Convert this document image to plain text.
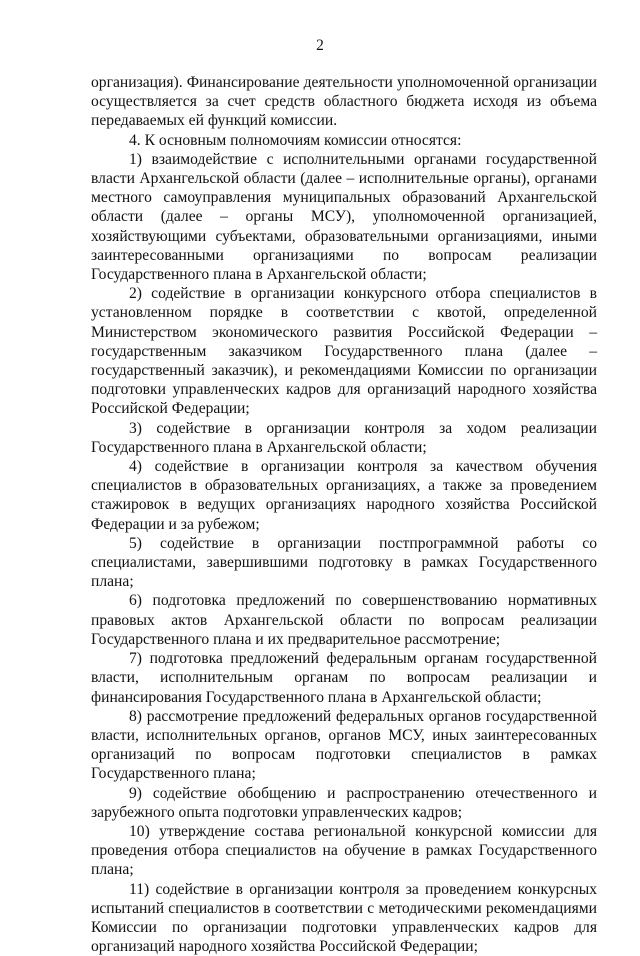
2

организация). Финансирование деятельности уполномоченной организации осуществляется за счет средств областного бюджета исходя из объема передаваемых ей функций комиссии.

4. К основным полномочиям комиссии относятся:

1) взаимодействие с исполнительными органами государственной власти Архангельской области (далее – исполнительные органы), органами местного самоуправления муниципальных образований Архангельской области (далее – органы МСУ), уполномоченной организацией, хозяйствующими субъектами, образовательными организациями, иными заинтересованными организациями по вопросам реализации Государственного плана в Архангельской области;

2) содействие в организации конкурсного отбора специалистов в установленном порядке в соответствии с квотой, определенной Министерством экономического развития Российской Федерации – государственным заказчиком Государственного плана (далее – государственный заказчик), и рекомендациями Комиссии по организации подготовки управленческих кадров для организаций народного хозяйства Российской Федерации;

3) содействие в организации контроля за ходом реализации Государственного плана в Архангельской области;

4) содействие в организации контроля за качеством обучения специалистов в образовательных организациях, а также за проведением стажировок в ведущих организациях народного хозяйства Российской Федерации и за рубежом;

5) содействие в организации постпрограммной работы со специалистами, завершившими подготовку в рамках Государственного плана;

6) подготовка предложений по совершенствованию нормативных правовых актов Архангельской области по вопросам реализации Государственного плана и их предварительное рассмотрение;

7) подготовка предложений федеральным органам государственной власти, исполнительным органам по вопросам реализации и финансирования Государственного плана в Архангельской области;

8) рассмотрение предложений федеральных органов государственной власти, исполнительных органов, органов МСУ, иных заинтересованных организаций по вопросам подготовки специалистов в рамках Государственного плана;

9) содействие обобщению и распространению отечественного и зарубежного опыта подготовки управленческих кадров;

10) утверждение состава региональной конкурсной комиссии для проведения отбора специалистов на обучение в рамках Государственного плана;

11) содействие в организации контроля за проведением конкурсных испытаний специалистов в соответствии с методическими рекомендациями Комиссии по организации подготовки управленческих кадров для организаций народного хозяйства Российской Федерации;
